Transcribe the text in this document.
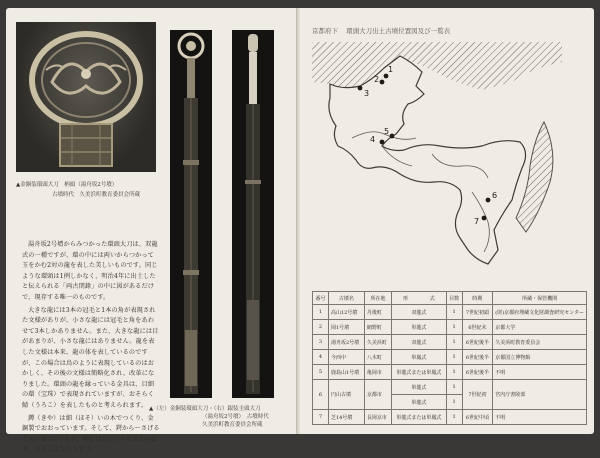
▲金銅装環頭大刀　柄頭（湯舟坂2号墳）
古墳時代　久美浜町教育委員会所蔵

湯舟坂2号墳からみつかった環頭大刀は、双龍式の一種ですが、環の中には両いからつかって玉をかむ2対の龍を表した美しいものです。同じような環頭は1例しかなく、明治4年に出土したと伝えられる「両古閉錄」の中に図があるだけで、現存する唯一のものです。

大きな龍には3本の冠毛と1本の角が表現された文様がありが、小さな龍には冠毛と角をあわせて3本しかありません。また、大きな龍には目があまりが、小さな龍にはありません。龍を表した文様は本来、龍の体を表しているのですが、この場合は鳥のように表現しているのはおかしく、その後の文様は簡略化され、改革になりました。環頭の龍を縁っている金具は、目細の環（宝珠）で表現されていますが、おそらく鯖（うろこ）を表したものと考えられます。

鐔（きや）は細（ほそ）いの木でつくり、金銅製でおおっています。そして、鍔から〜さげるための環が2つあり、鞘には見分けられるのが2本、打ちこんであります。

▲（左）金銅装環頭大刀・（右）銀装圭頭大刀
（湯舟坂2号墳）　古墳時代
久美浜町教育委員会所蔵
京都府下 環頭大刀出土古墳位置図及び一覧表
1
2
3
4
5
6
7
番号	古墳名	所在地	形	式	目数	時期	所蔵・保管機関
1	高山12号墳	丹後町	双龍式		1	7世紀初頭	(財)京都府埋蔵文化財調査研究センター
2	岡1号墳	網野町	単龍式		1	6世紀末	京都大学
3	湯舟坂2号墳	久美浜町	双龍式		1	6世紀後半	久美浜町教育委員会
4	今西中	八木町	単鳳式		1	6世紀後半	京都国立博物館
5	鹿島山1号墳	亀岡市	単龍式または単鳳式		1	6世紀後半	不明
6	円山古墳	京都市	単龍式		1	7世紀初	宮内庁書陵部
			単龍式		1		
7	芝14号墳	長岡京市	単龍式または単鳳式		1	6世紀中頃	不明
